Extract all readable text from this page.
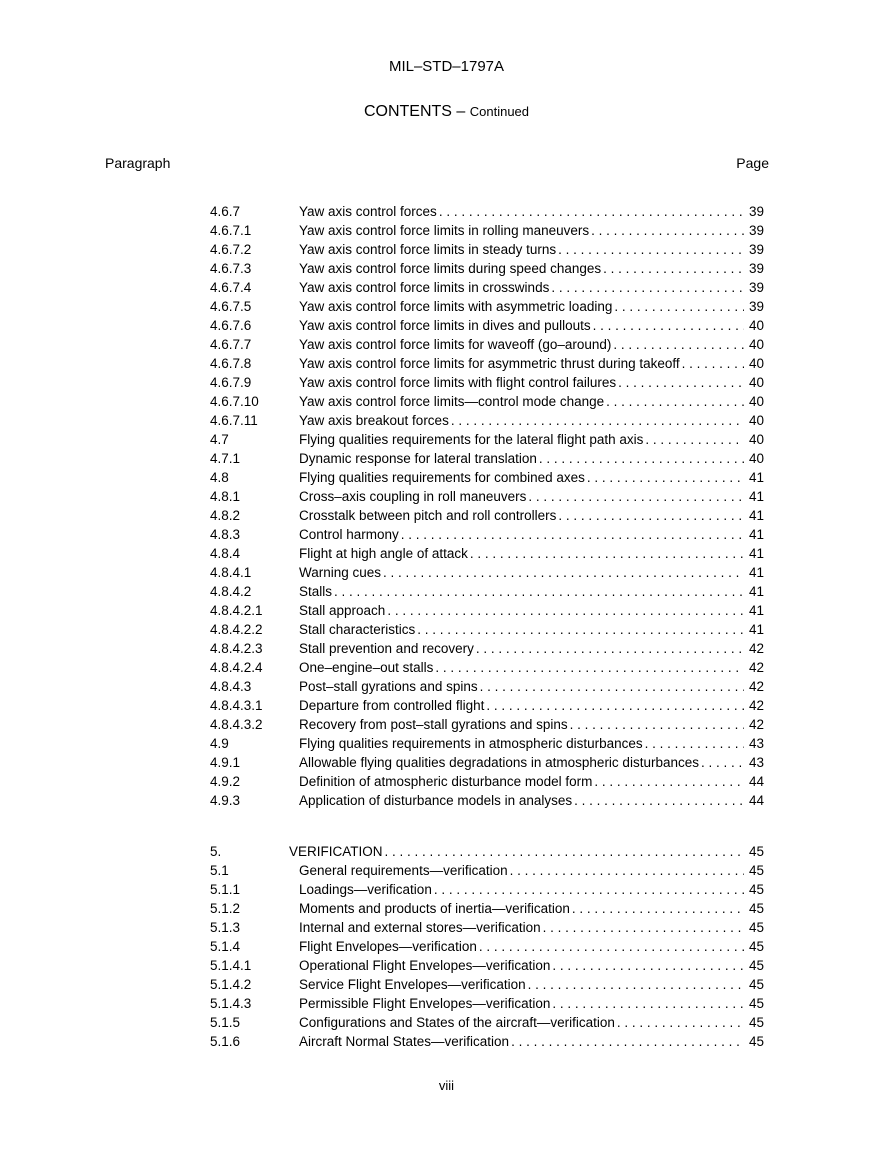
MIL–STD–1797A
CONTENTS – Continued
Paragraph	Page
4.6.7	Yaw axis control forces . . .	39
4.6.7.1	Yaw axis control force limits in rolling maneuvers . . .	39
4.6.7.2	Yaw axis control force limits in steady turns . . .	39
4.6.7.3	Yaw axis control force limits during speed changes . . .	39
4.6.7.4	Yaw axis control force limits in crosswinds . . .	39
4.6.7.5	Yaw axis control force limits with asymmetric loading . . .	39
4.6.7.6	Yaw axis control force limits in dives and pullouts . . .	40
4.6.7.7	Yaw axis control force limits for waveoff (go–around) . . .	40
4.6.7.8	Yaw axis control force limits for asymmetric thrust during takeoff . . .	40
4.6.7.9	Yaw axis control force limits with flight control failures . . .	40
4.6.7.10	Yaw axis control force limits—control mode change . . .	40
4.6.7.11	Yaw axis breakout forces . . .	40
4.7	Flying qualities requirements for the lateral flight path axis . . .	40
4.7.1	Dynamic response for lateral translation . . .	40
4.8	Flying qualities requirements for combined axes . . .	41
4.8.1	Cross–axis coupling in roll maneuvers . . .	41
4.8.2	Crosstalk between pitch and roll controllers . . .	41
4.8.3	Control harmony . . .	41
4.8.4	Flight at high angle of attack . . .	41
4.8.4.1	Warning cues . . .	41
4.8.4.2	Stalls . . .	41
4.8.4.2.1	Stall approach . . .	41
4.8.4.2.2	Stall characteristics . . .	41
4.8.4.2.3	Stall prevention and recovery . . .	42
4.8.4.2.4	One–engine–out stalls . . .	42
4.8.4.3	Post–stall gyrations and spins . . .	42
4.8.4.3.1	Departure from controlled flight . . .	42
4.8.4.3.2	Recovery from post–stall gyrations and spins . . .	42
4.9	Flying qualities requirements in atmospheric disturbances . . .	43
4.9.1	Allowable flying qualities degradations in atmospheric disturbances . . .	43
4.9.2	Definition of atmospheric disturbance model form . . .	44
4.9.3	Application of disturbance models in analyses . . .	44
5.	VERIFICATION . . .	45
5.1	General requirements—verification . . .	45
5.1.1	Loadings—verification . . .	45
5.1.2	Moments and products of inertia—verification . . .	45
5.1.3	Internal and external stores—verification . . .	45
5.1.4	Flight Envelopes—verification . . .	45
5.1.4.1	Operational Flight Envelopes—verification . . .	45
5.1.4.2	Service Flight Envelopes—verification . . .	45
5.1.4.3	Permissible Flight Envelopes—verification . . .	45
5.1.5	Configurations and States of the aircraft—verification . . .	45
5.1.6	Aircraft Normal States—verification . . .	45
viii
